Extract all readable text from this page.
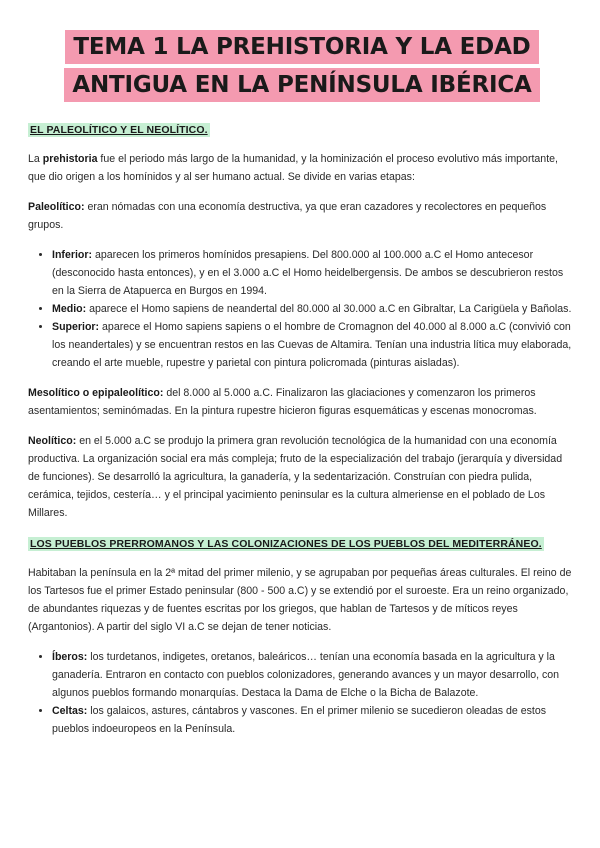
TEMA 1 LA PREHISTORIA Y LA EDAD
ANTIGUA EN LA PENÍNSULA IBÉRICA
EL PALEOLÍTICO Y EL NEOLÍTICO.

La prehistoria fue el periodo más largo de la humanidad, y la hominización el proceso evolutivo más importante, que dio origen a los homínidos y al ser humano actual. Se divide en varias etapas:

Paleolítico: eran nómadas con una economía destructiva, ya que eran cazadores y recolectores en pequeños grupos.

• Inferior: aparecen los primeros homínidos presapiens. Del 800.000 al 100.000 a.C el Homo antecesor (desconocido hasta entonces), y en el 3.000 a.C el Homo heidelbergensis. De ambos se descubrieron restos en la Sierra de Atapuerca en Burgos en 1994.
• Medio: aparece el Homo sapiens de neandertal del 80.000 al 30.000 a.C en Gibraltar, La Carigüela y Bañolas.
• Superior: aparece el Homo sapiens sapiens o el hombre de Cromagnon del 40.000 al 8.000 a.C (convivió con los neandertales) y se encuentran restos en las Cuevas de Altamira. Tenían una industria lítica muy elaborada, creando el arte mueble, rupestre y parietal con pintura policromada (pinturas aisladas).

Mesolítico o epipaleolítico: del 8.000 al 5.000 a.C. Finalizaron las glaciaciones y comenzaron los primeros asentamientos; seminómadas. En la pintura rupestre hicieron figuras esquemáticas y escenas monocromas.

Neolítico: en el 5.000 a.C se produjo la primera gran revolución tecnológica de la humanidad con una economía productiva. La organización social era más compleja; fruto de la especialización del trabajo (jerarquía y diversidad de funciones). Se desarrolló la agricultura, la ganadería, y la sedentarización. Construían con piedra pulida, cerámica, tejidos, cestería… y el principal yacimiento peninsular es la cultura almeriense en el poblado de Los Millares.

LOS PUEBLOS PRERROMANOS Y LAS COLONIZACIONES DE LOS PUEBLOS DEL MEDITERRÁNEO.

Habitaban la península en la 2ª mitad del primer milenio, y se agrupaban por pequeñas áreas culturales. El reino de los Tartesos fue el primer Estado peninsular (800 - 500 a.C) y se extendió por el suroeste. Era un reino organizado, de abundantes riquezas y de fuentes escritas por los griegos, que hablan de Tartesos y de míticos reyes (Argantonios). A partir del siglo VI a.C se dejan de tener noticias.

• Íberos: los turdetanos, indigetes, oretanos, baleáricos… tenían una economía basada en la agricultura y la ganadería. Entraron en contacto con pueblos colonizadores, generando avances y un mayor desarrollo, con algunos pueblos formando monarquías. Destaca la Dama de Elche o la Bicha de Balazote.
• Celtas: los galaicos, astures, cántabros y vascones. En el primer milenio se sucedieron oleadas de estos pueblos indoeuropeos en la Península.
